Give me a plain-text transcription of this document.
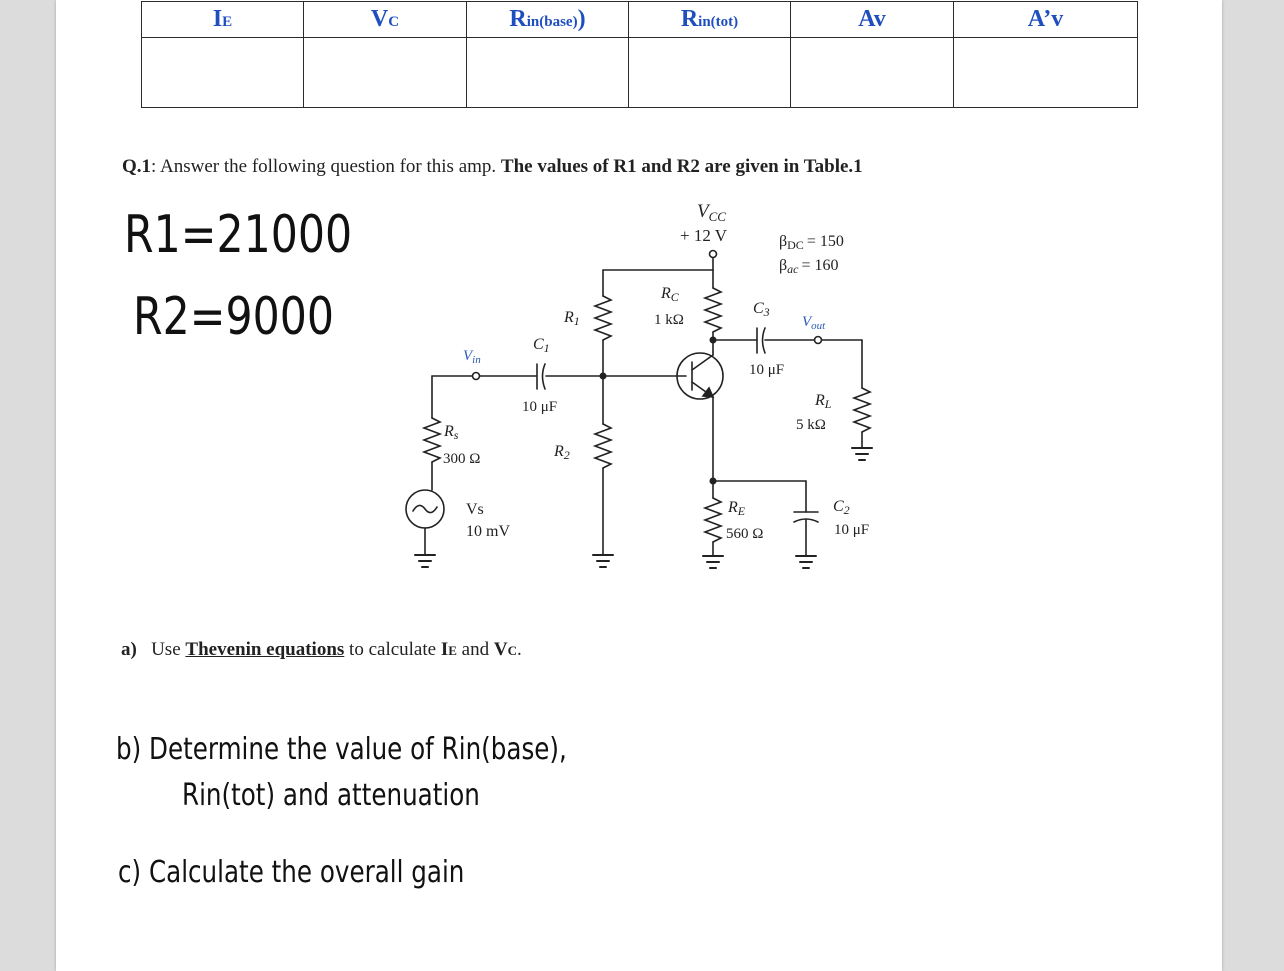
IE	VC	Rin(base))	Rin(tot)	Av	A’v

Q.1: Answer the following question for this amp. The values of R1 and R2 are given in Table.1
R1=21000
R2=9000
$V_{CC}$
+ 12 V	βDC = 150
βac = 160
RC
1 kΩ
R1
R2
C1
10 μF
C3
10 μF
$V_{out}$
$V_{in}$
Rs
300 Ω
Vs
10 mV
RL
5 kΩ
RE
560 Ω
C2
10 μF
a) Use Thevenin equations to calculate IE and VC.
b) Determine the value of Rin(base),
Rin(tot) and attenuation
c) Calculate the overall gain
